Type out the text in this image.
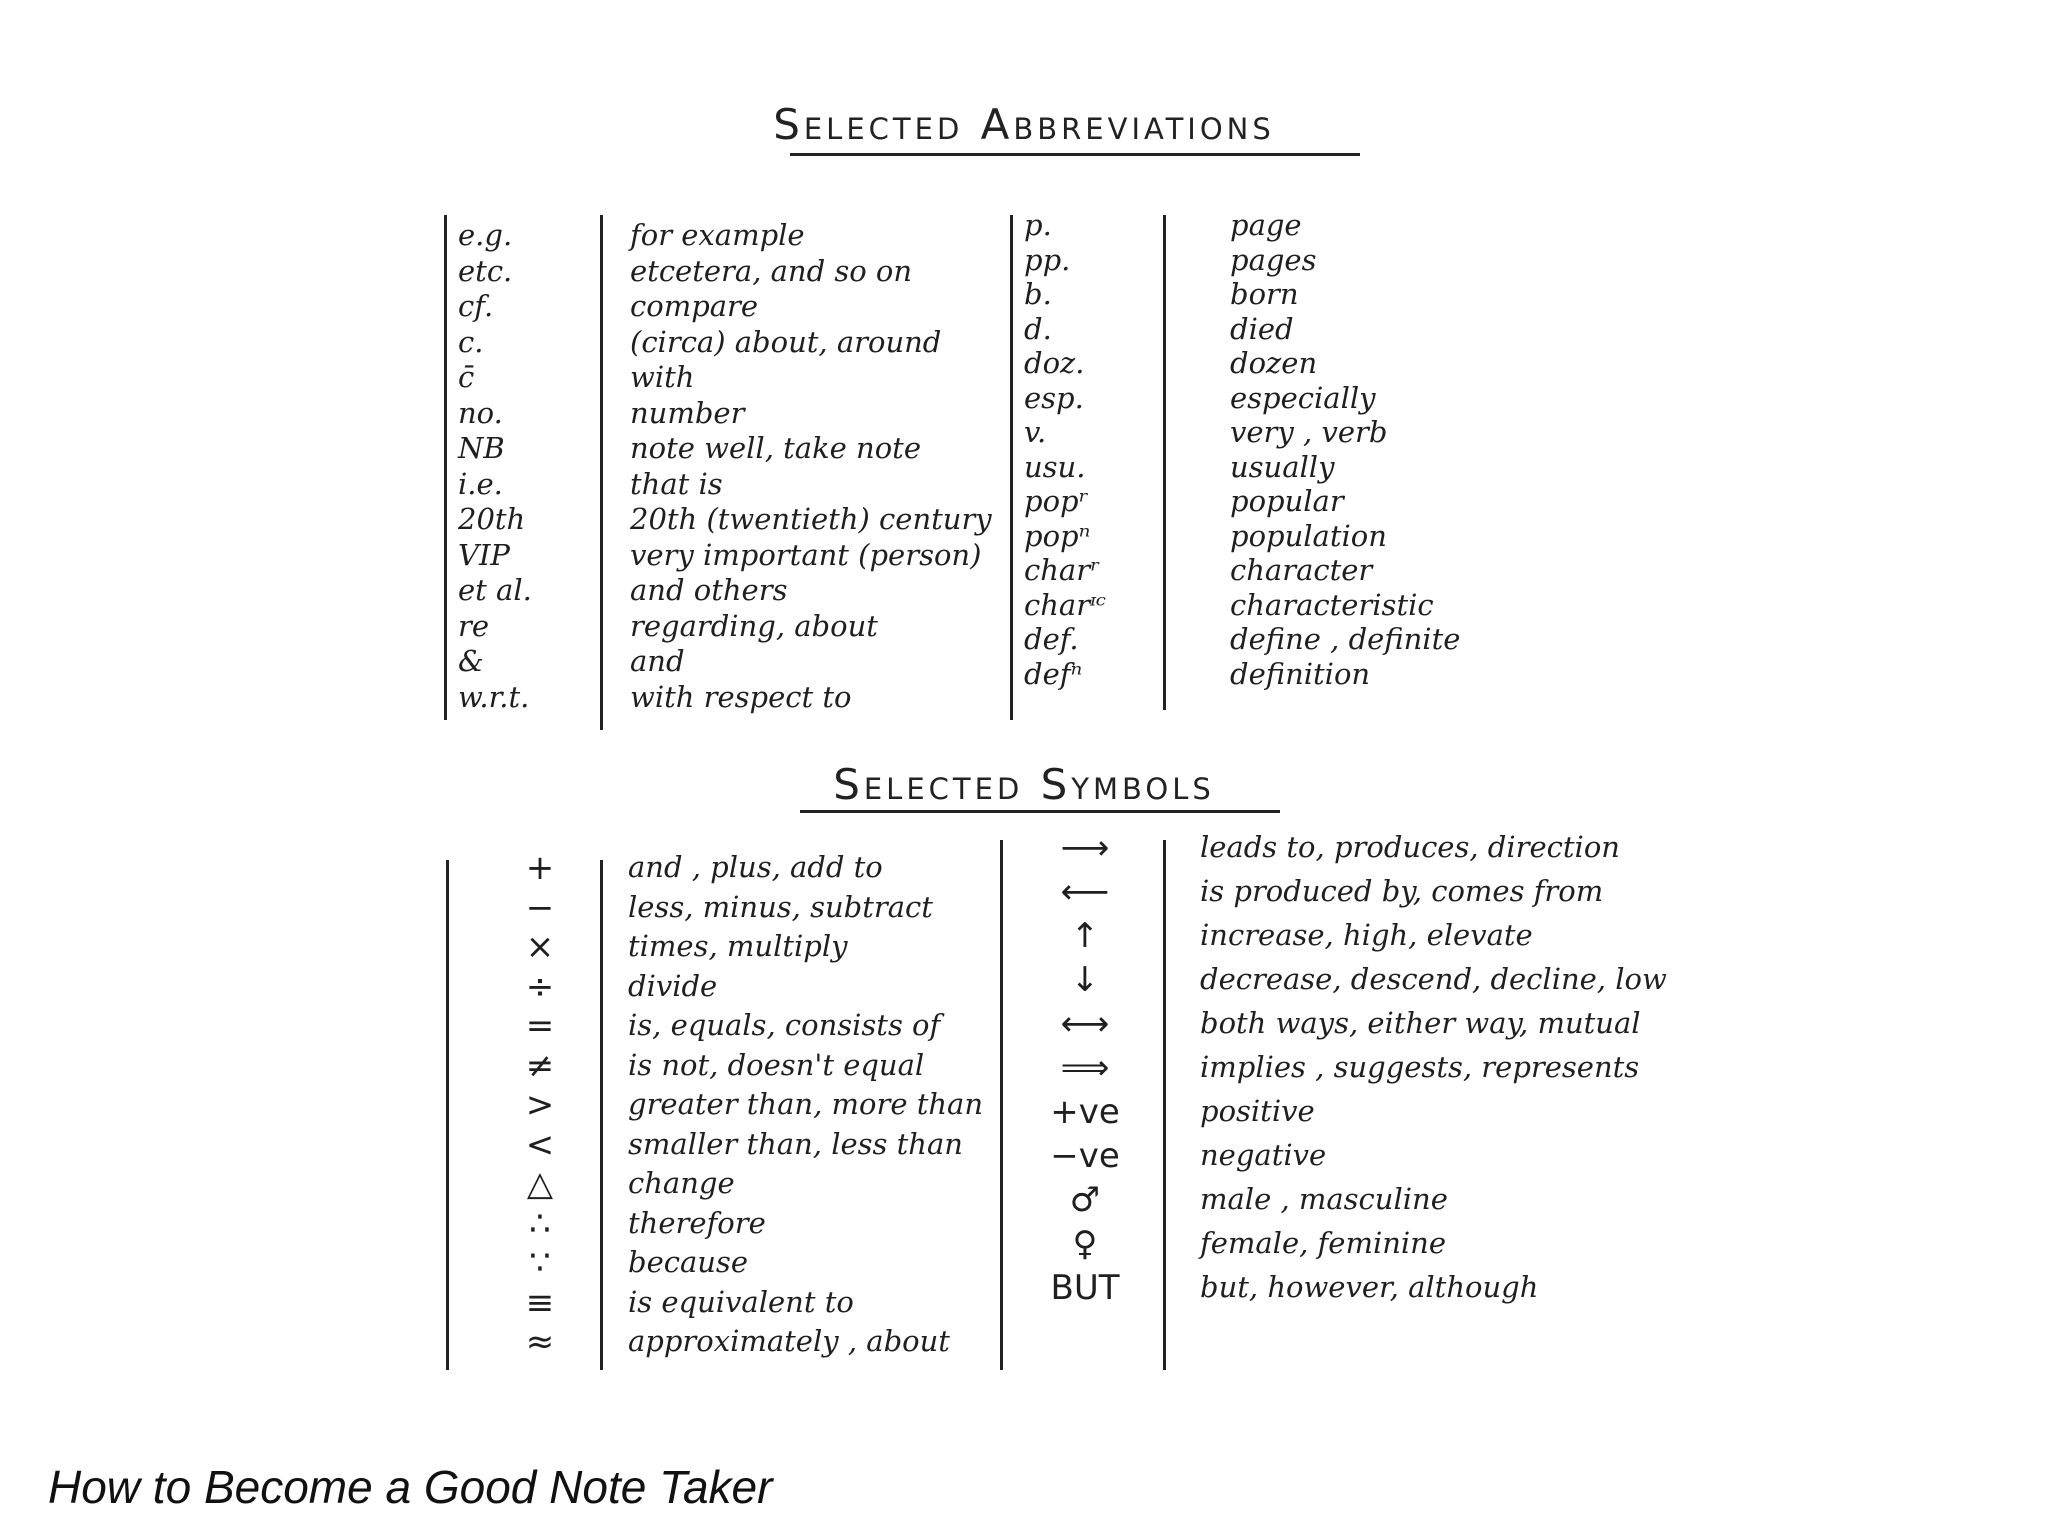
Selected Abbreviations
Selected Symbols
How to Become a Good Note Taker
e.g.	for example
etc.	etcetera, and so on
cf.	compare
c.	(circa) about, around
c̄	with
no.	number
NB	note well, take note
i.e.	that is
20th	20th (twentieth) century
VIP	very important (person)
et al.	and others
re	regarding, about
&	and
w.r.t.	with respect to
p.	page
pp.	pages
b.	born
d.	died
doz.	dozen
esp.	especially
v.	very , verb
usu.	usually
popʳ	popular
popⁿ	population
charʳ	character
charᶦᶜ	characteristic
def.	define , definite
defⁿ	definition
+	and , plus, add to
−	less, minus, subtract
×	times, multiply
÷	divide
=	is, equals, consists of
≠	is not, doesn't equal
>	greater than, more than
<	smaller than, less than
△	change
∴	therefore
∵	because
≡	is equivalent to
≈	approximately , about
⟶	leads to, produces, direction
⟵	is produced by, comes from
↑	increase, high, elevate
↓	decrease, descend, decline, low
⟷	both ways, either way, mutual
⟹	implies , suggests, represents
+ve	positive
−ve	negative
♂	male , masculine
♀	female, feminine
BUT	but, however, although
